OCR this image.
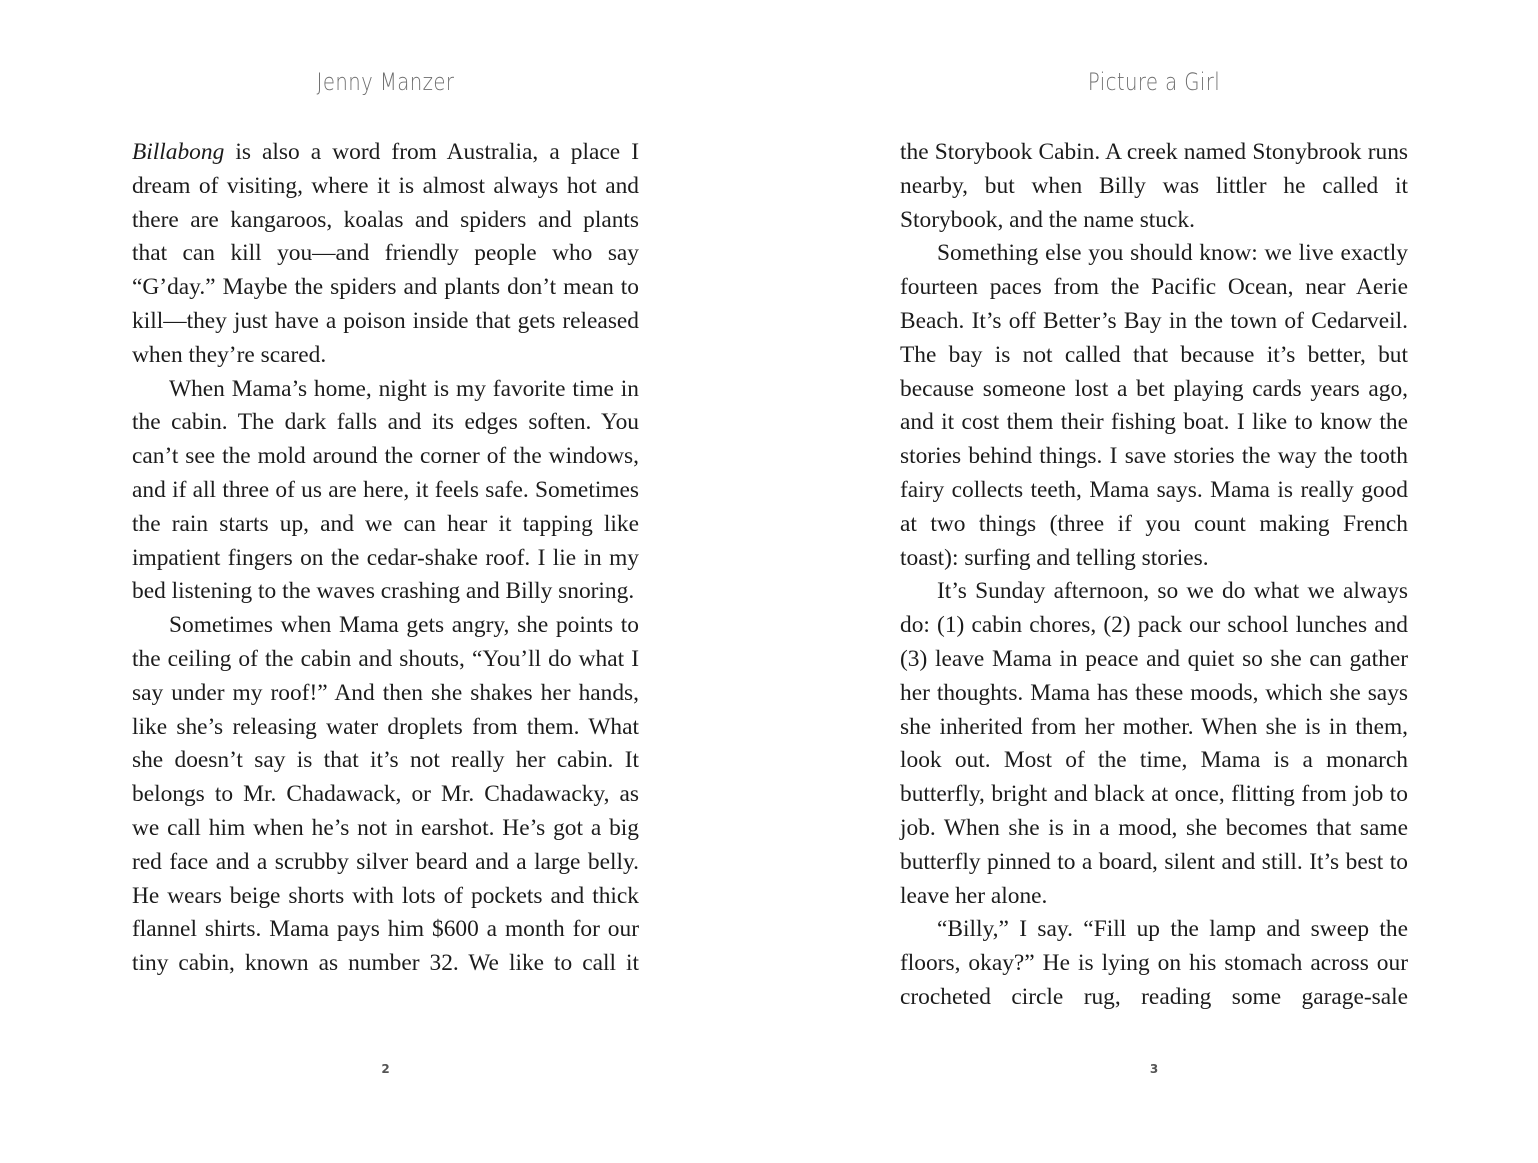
Jenny Manzer

Billabong is also a word from Australia, a place I dream of visiting, where it is almost always hot and there are kangaroos, koalas and spiders and plants that can kill you—and friendly people who say “G’day.” Maybe the spiders and plants don’t mean to kill—they just have a poison inside that gets released when they’re scared.

When Mama’s home, night is my favorite time in the cabin. The dark falls and its edges soften. You can’t see the mold around the corner of the windows, and if all three of us are here, it feels safe. Sometimes the rain starts up, and we can hear it tapping like impatient fingers on the cedar-shake roof. I lie in my bed listening to the waves crashing and Billy snoring.

Sometimes when Mama gets angry, she points to the ceiling of the cabin and shouts, “You’ll do what I say under my roof!” And then she shakes her hands, like she’s releasing water droplets from them. What she doesn’t say is that it’s not really her cabin. It belongs to Mr. Chadawack, or Mr. Chadawacky, as we call him when he’s not in earshot. He’s got a big red face and a scrubby silver beard and a large belly. He wears beige shorts with lots of pockets and thick flannel shirts. Mama pays him $600 a month for our tiny cabin, known as number 32. We like to call it

2
Picture a Girl

the Storybook Cabin. A creek named Stonybrook runs nearby, but when Billy was littler he called it Storybook, and the name stuck.

Something else you should know: we live exactly fourteen paces from the Pacific Ocean, near Aerie Beach. It’s off Better’s Bay in the town of Cedarveil. The bay is not called that because it’s better, but because someone lost a bet playing cards years ago, and it cost them their fishing boat. I like to know the stories behind things. I save stories the way the tooth fairy collects teeth, Mama says. Mama is really good at two things (three if you count making French toast): surfing and telling stories.

It’s Sunday afternoon, so we do what we always do: (1) cabin chores, (2) pack our school lunches and (3) leave Mama in peace and quiet so she can gather her thoughts. Mama has these moods, which she says she inherited from her mother. When she is in them, look out. Most of the time, Mama is a monarch butterfly, bright and black at once, flitting from job to job. When she is in a mood, she becomes that same butterfly pinned to a board, silent and still. It’s best to leave her alone.

“Billy,” I say. “Fill up the lamp and sweep the floors, okay?” He is lying on his stomach across our crocheted circle rug, reading some garage-sale

3
